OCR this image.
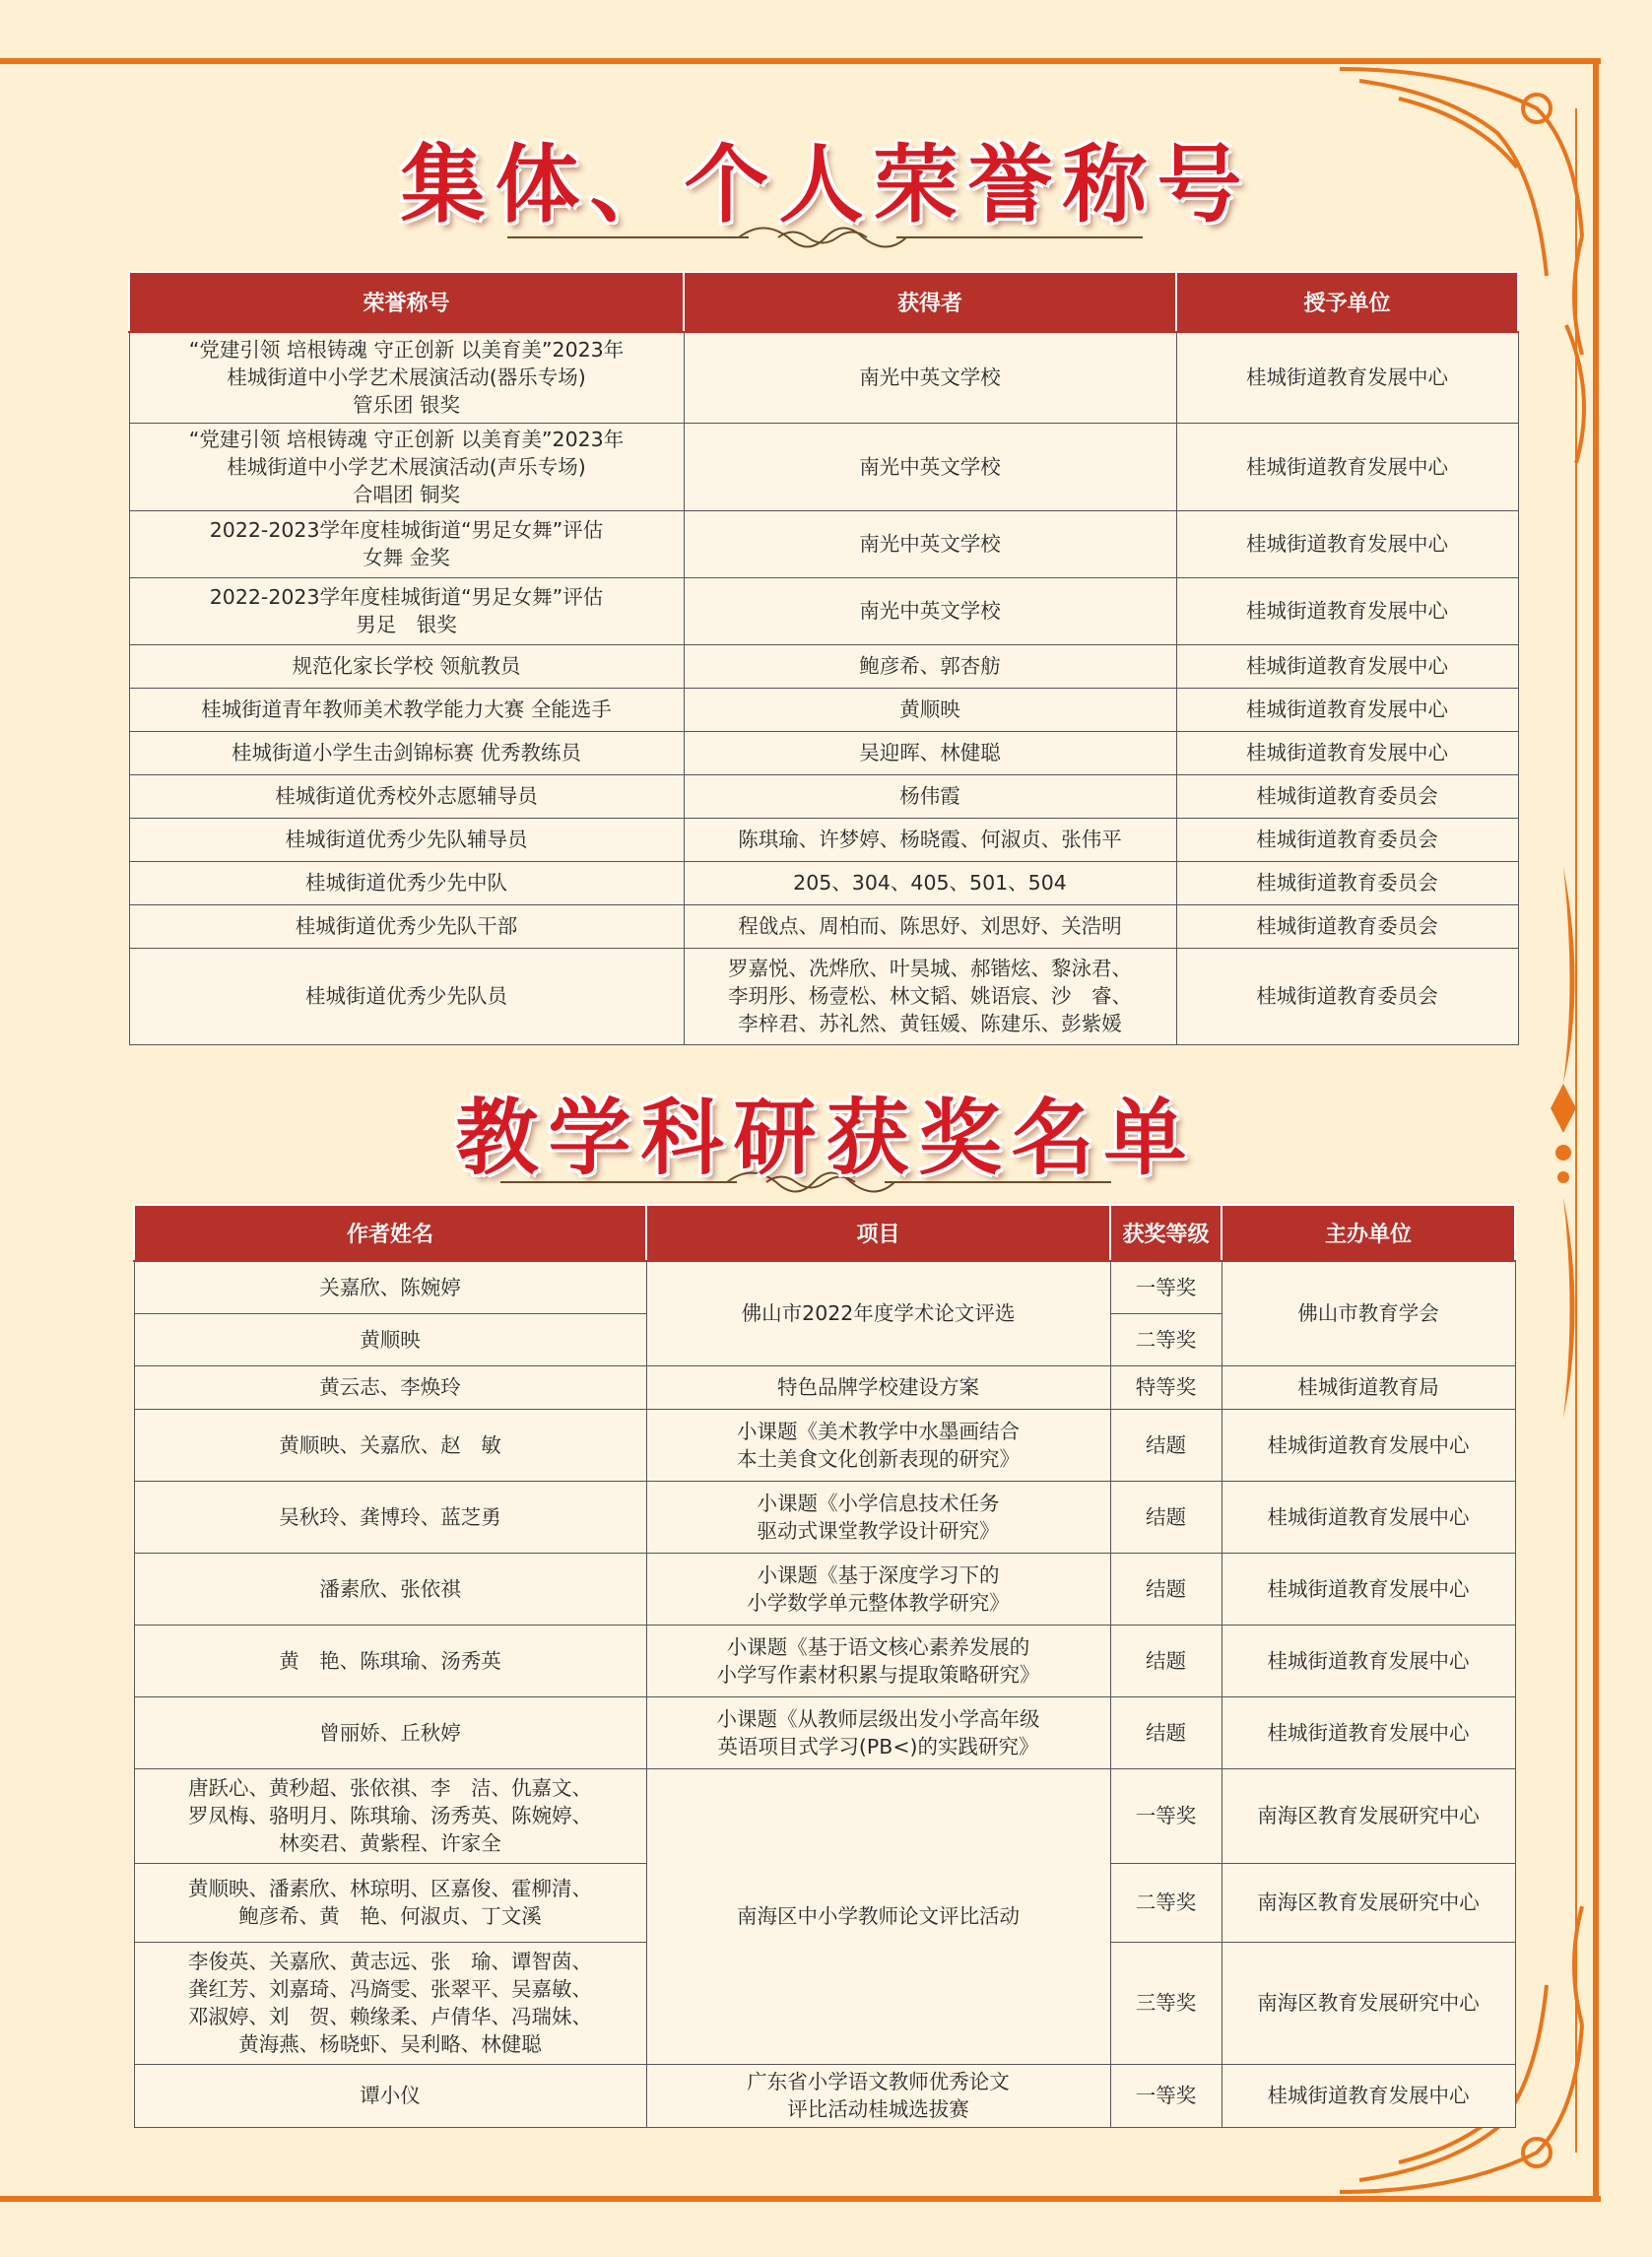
集体、个人荣誉称号
荣誉称号	获得者	授予单位
“党建引领 培根铸魂 守正创新 以美育美”2023年
桂城街道中小学艺术展演活动(器乐专场)
管乐团 银奖	南光中英文学校	桂城街道教育发展中心
“党建引领 培根铸魂 守正创新 以美育美”2023年
桂城街道中小学艺术展演活动(声乐专场)
合唱团 铜奖	南光中英文学校	桂城街道教育发展中心
2022-2023学年度桂城街道“男足女舞”评估
女舞 金奖	南光中英文学校	桂城街道教育发展中心
2022-2023学年度桂城街道“男足女舞”评估
男足　银奖	南光中英文学校	桂城街道教育发展中心
规范化家长学校 领航教员	鲍彦希、郭杏舫	桂城街道教育发展中心
桂城街道青年教师美术教学能力大赛 全能选手	黄顺映	桂城街道教育发展中心
桂城街道小学生击剑锦标赛 优秀教练员	吴迎晖、林健聪	桂城街道教育发展中心
桂城街道优秀校外志愿辅导员	杨伟霞	桂城街道教育委员会
桂城街道优秀少先队辅导员	陈琪瑜、许梦婷、杨晓霞、何淑贞、张伟平	桂城街道教育委员会
桂城街道优秀少先中队	205、304、405、501、504	桂城街道教育委员会
桂城街道优秀少先队干部	程戗点、周柏而、陈思妤、刘思妤、关浩明	桂城街道教育委员会
桂城街道优秀少先队员	罗嘉悦、冼烨欣、叶昊城、郝锴炫、黎泳君、
李玥彤、杨壹松、林文韬、姚语宸、沙　睿、
李梓君、苏礼然、黄钰媛、陈建乐、彭紫媛	桂城街道教育委员会
教学科研获奖名单
作者姓名	项目	获奖等级	主办单位
关嘉欣、陈婉婷	佛山市2022年度学术论文评选	一等奖	佛山市教育学会
黄顺映		二等奖	
黄云志、李焕玲	特色品牌学校建设方案	特等奖	桂城街道教育局
黄顺映、关嘉欣、赵　敏	小课题《美术教学中水墨画结合
本土美食文化创新表现的研究》	结题	桂城街道教育发展中心
吴秋玲、龚博玲、蓝芝勇	小课题《小学信息技术任务
驱动式课堂教学设计研究》	结题	桂城街道教育发展中心
潘素欣、张依祺	小课题《基于深度学习下的
小学数学单元整体教学研究》	结题	桂城街道教育发展中心
黄　艳、陈琪瑜、汤秀英	小课题《基于语文核心素养发展的
小学写作素材积累与提取策略研究》	结题	桂城街道教育发展中心
曾丽娇、丘秋婷	小课题《从教师层级出发小学高年级
英语项目式学习(PB<)的实践研究》	结题	桂城街道教育发展中心
唐跃心、黄秒超、张依祺、李　洁、仇嘉文、
罗凤梅、骆明月、陈琪瑜、汤秀英、陈婉婷、
林奕君、黄紫程、许家全	南海区中小学教师论文评比活动	一等奖	南海区教育发展研究中心
黄顺映、潘素欣、林琼明、区嘉俊、霍柳清、
鲍彦希、黄　艳、何淑贞、丁文溪		二等奖	南海区教育发展研究中心
李俊英、关嘉欣、黄志远、张　瑜、谭智茵、
龚红芳、刘嘉琦、冯旖雯、张翠平、吴嘉敏、
邓淑婷、刘　贺、赖缘柔、卢倩华、冯瑞妹、
黄海燕、杨晓虾、吴利略、林健聪		三等奖	南海区教育发展研究中心
谭小仪	广东省小学语文教师优秀论文
评比活动桂城选拔赛	一等奖	桂城街道教育发展中心
